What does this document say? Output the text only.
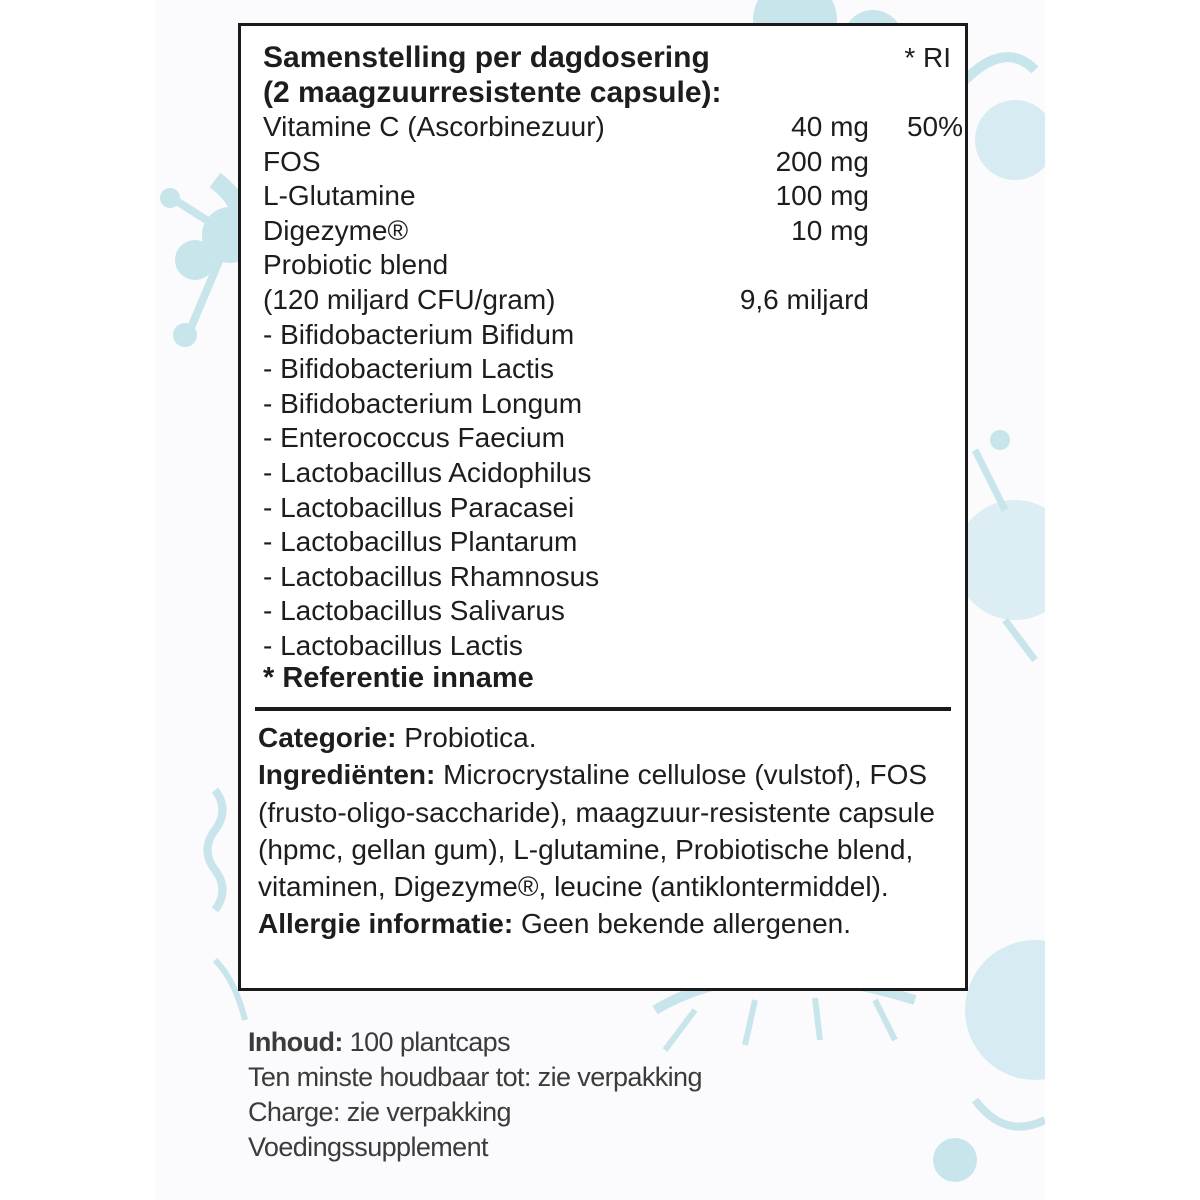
Samenstelling per dagdosering
(2 maagzuurresistente capsule):
* RI
Vitamine C (Ascorbinezuur)	40 mg 50%
FOS	200 mg
L-Glutamine	100 mg
Digezyme®	10 mg
Probiotic blend
(120 miljard CFU/gram)	9,6 miljard
- Bifidobacterium Bifidum
- Bifidobacterium Lactis
- Bifidobacterium Longum
- Enterococcus Faecium
- Lactobacillus Acidophilus
- Lactobacillus Paracasei
- Lactobacillus Plantarum
- Lactobacillus Rhamnosus
- Lactobacillus Salivarus
- Lactobacillus Lactis
* Referentie inname
Categorie: Probiotica.
Ingrediënten: Microcrystaline cellulose (vulstof), FOS (frusto-oligo-saccharide), maagzuur-resistente capsule (hpmc, gellan gum), L-glutamine, Probiotische blend, vitaminen, Digezyme®, leucine (antiklontermiddel).
Allergie informatie: Geen bekende allergenen.
Inhoud: 100 plantcaps
Ten minste houdbaar tot: zie verpakking
Charge: zie verpakking
Voedingssupplement
